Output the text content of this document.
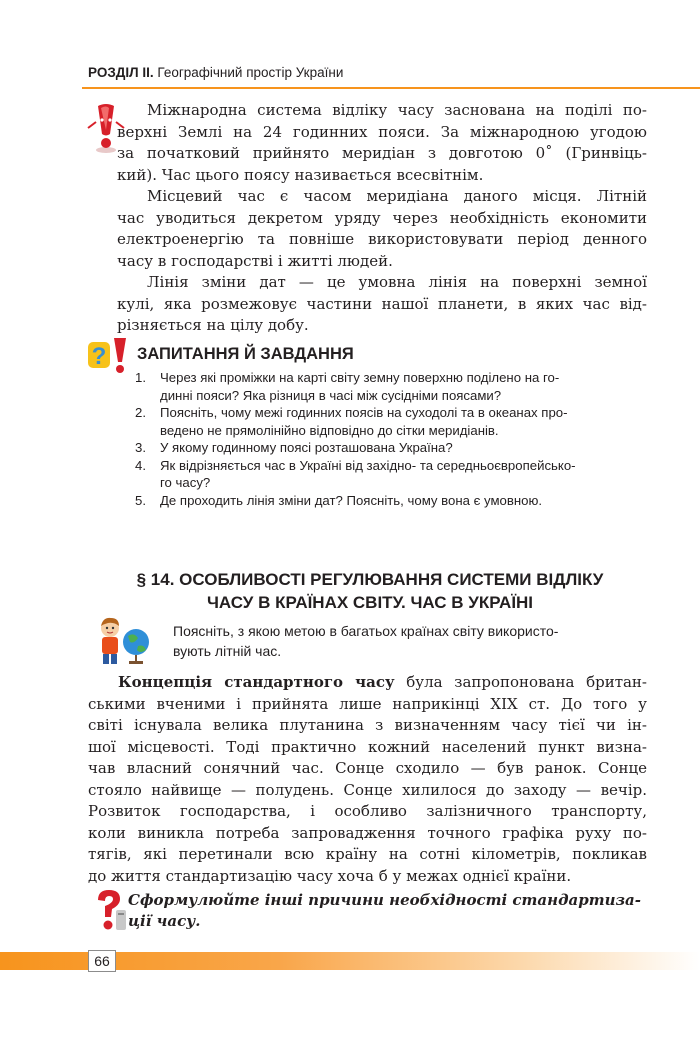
РОЗДІЛ ІІ. Географічний простір України
Міжнародна система відліку часу заснована на поділі по-
верхні Землі на 24 годинних пояси. За міжнародною угодою
за початковий прийнято меридіан з довготою 0˚ (Гринвіць-
кий). Час цього поясу називається всесвітнім.
Місцевий час є часом меридіана даного місця. Літній
час уводиться декретом уряду через необхідність економити
електроенергію та повніше використовувати період денного
часу в господарстві і житті людей.
Лінія зміни дат — це умовна лінія на поверхні земної
кулі, яка розмежовує частини нашої планети, в яких час від-
різняється на цілу добу.
? ЗАПИТАННЯ Й ЗАВДАННЯ
1. Через які проміжки на карті світу земну поверхню поділено на го-
динні пояси? Яка різниця в часі між сусідніми поясами?
2. Поясніть, чому межі годинних поясів на суходолі та в океанах про-
ведено не прямолінійно відповідно до сітки меридіанів.
3. У якому годинному поясі розташована Україна?
4. Як відрізняється час в Україні від західно- та середньоєвропейсько-
го часу?
5. Де проходить лінія зміни дат? Поясніть, чому вона є умовною.
§ 14. ОСОБЛИВОСТІ РЕГУЛЮВАННЯ СИСТЕМИ ВІДЛІКУ
ЧАСУ В КРАЇНАХ СВІТУ. ЧАС В УКРАЇНІ
Поясніть, з якою метою в багатьох країнах світу використо-
вують літній час.
Концепція стандартного часу була запропонована британ-
ськими вченими і прийнята лише наприкінці XIX ст. До того у
світі існувала велика плутанина з визначенням часу тієї чи ін-
шої місцевості. Тоді практично кожний населений пункт визна-
чав власний сонячний час. Сонце сходило — був ранок. Сонце
стояло найвище — полудень. Сонце хилилося до заходу — вечір.
Розвиток господарства, і особливо залізничного транспорту,
коли виникла потреба запровадження точного графіка руху по-
тягів, які перетинали всю країну на сотні кілометрів, покликав
до життя стандартизацію часу хоча б у межах однієї країни.
Сформулюйте інші причини необхідності стандартиза-
ції часу.
66
